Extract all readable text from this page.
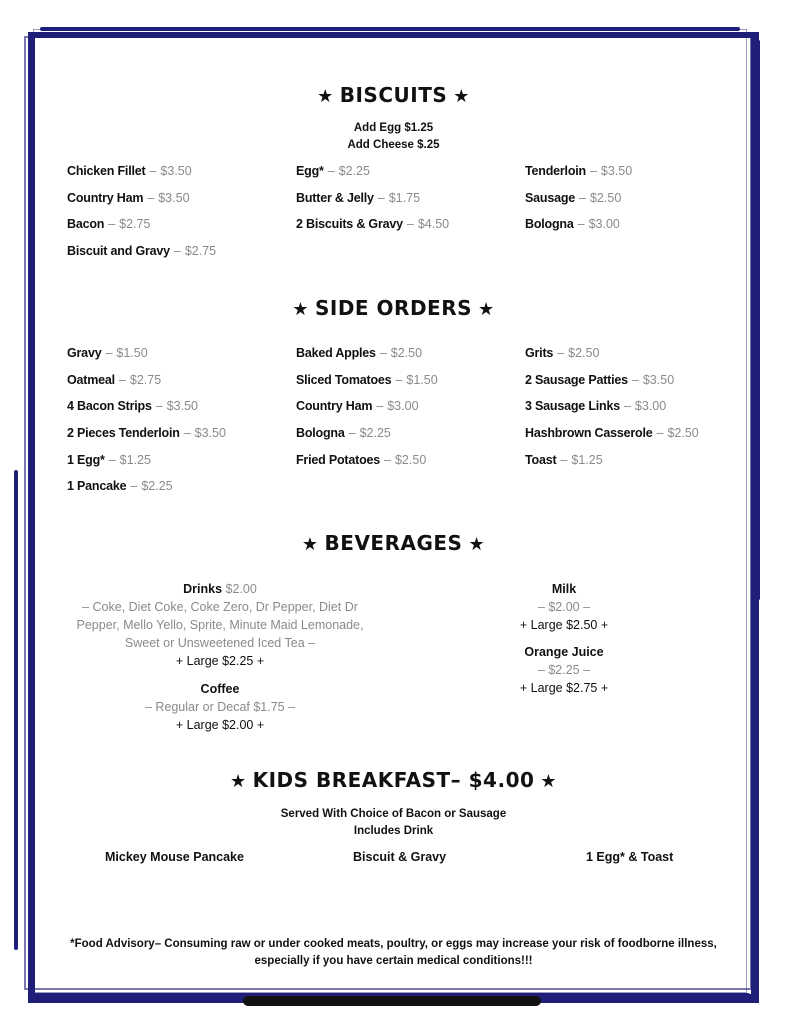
★ BISCUITS ★
Add Egg $1.25
Add Cheese $.25
Chicken Fillet – $3.50
Country Ham – $3.50
Bacon – $2.75
Biscuit and Gravy – $2.75
Egg* – $2.25
Butter & Jelly – $1.75
2 Biscuits & Gravy – $4.50
Tenderloin – $3.50
Sausage – $2.50
Bologna – $3.00
★ SIDE ORDERS ★
Gravy – $1.50
Oatmeal – $2.75
4 Bacon Strips – $3.50
2 Pieces Tenderloin – $3.50
1 Egg* – $1.25
1 Pancake – $2.25
Baked Apples – $2.50
Sliced Tomatoes – $1.50
Country Ham – $3.00
Bologna – $2.25
Fried Potatoes – $2.50
Grits – $2.50
2 Sausage Patties – $3.50
3 Sausage Links – $3.00
Hashbrown Casserole – $2.50
Toast – $1.25
★ BEVERAGES ★
Drinks $2.00
– Coke, Diet Coke, Coke Zero, Dr Pepper, Diet Dr
Pepper, Mello Yello, Sprite, Minute Maid Lemonade,
Sweet or Unsweetened Iced Tea –
+ Large $2.25 +
Coffee
– Regular or Decaf $1.75 –
+ Large $2.00 +
Milk
– $2.00 –
+ Large $2.50 +
Orange Juice
– $2.25 –
+ Large $2.75 +
★ KIDS BREAKFAST– $4.00 ★
Served With Choice of Bacon or Sausage
Includes Drink
Mickey Mouse Pancake	Biscuit & Gravy	1 Egg* & Toast
*Food Advisory– Consuming raw or under cooked meats, poultry, or eggs may increase your risk of foodborne illness,
especially if you have certain medical conditions!!!
